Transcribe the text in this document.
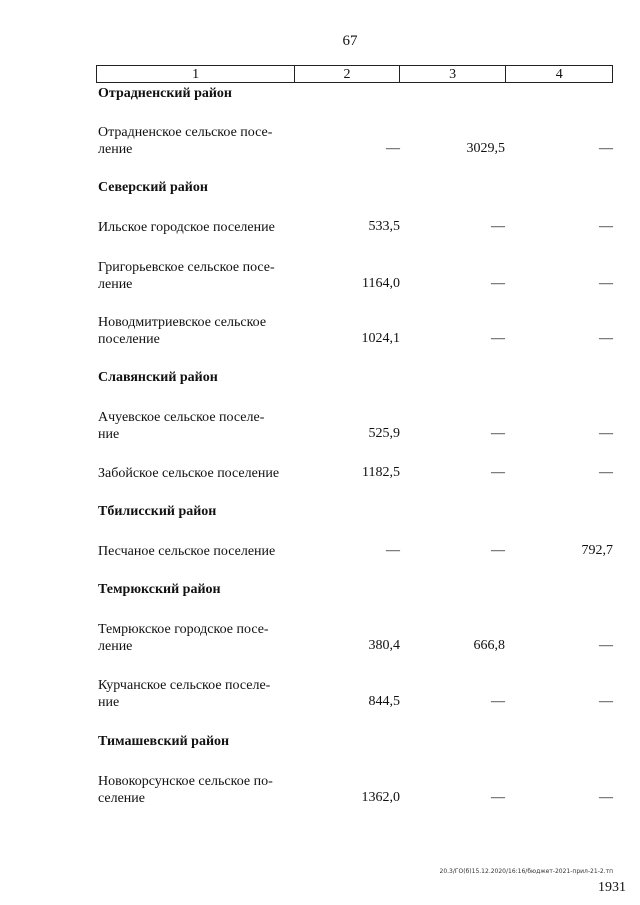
67
1	2	3	4
Отрадненский район
Отрадненское сельское посе-
ление	—	3029,5	—
Северский район
Ильское городское поселение	533,5	—	—
Григорьевское сельское посе-
ление	1164,0	—	—
Новодмитриевское сельское
поселение	1024,1	—	—
Славянский район
Ачуевское сельское поселе-
ние	525,9	—	—
Забойское сельское поселение	1182,5	—	—
Тбилисский район
Песчаное сельское поселение	—	—	792,7
Темрюкский район
Темрюкское городское посе-
ление	380,4	666,8	—
Курчанское сельское поселе-
ние	844,5	—	—
Тимашевский район
Новокорсунское сельское по-
селение	1362,0	—	—
20.3/ГО(б)15.12.2020/16:16/бюджет-2021-прил-21-2.тп
1931
